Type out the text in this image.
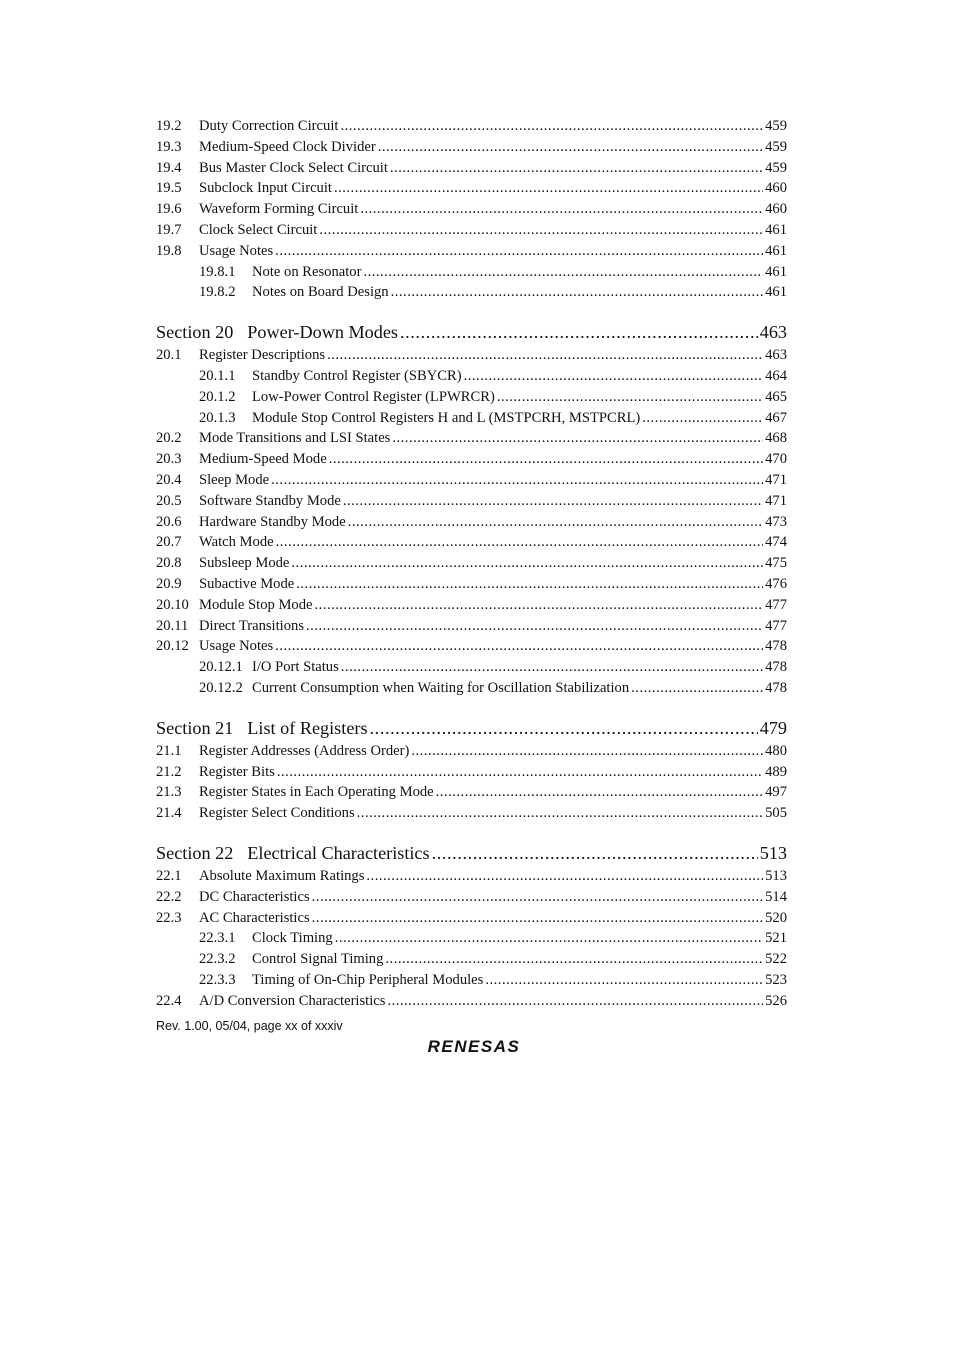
19.2	Duty Correction Circuit .....	459
19.3	Medium-Speed Clock Divider .....	459
19.4	Bus Master Clock Select Circuit .....	459
19.5	Subclock Input Circuit .....	460
19.6	Waveform Forming Circuit .....	460
19.7	Clock Select Circuit .....	461
19.8	Usage Notes .....	461
19.8.1	Note on Resonator .....	461
19.8.2	Notes on Board Design .....	461
Section 20 Power-Down Modes .....	463
20.1	Register Descriptions .....	463
20.1.1	Standby Control Register (SBYCR) .....	464
20.1.2	Low-Power Control Register (LPWRCR) .....	465
20.1.3	Module Stop Control Registers H and L (MSTPCRH, MSTPCRL) .....	467
20.2	Mode Transitions and LSI States .....	468
20.3	Medium-Speed Mode .....	470
20.4	Sleep Mode .....	471
20.5	Software Standby Mode .....	471
20.6	Hardware Standby Mode .....	473
20.7	Watch Mode .....	474
20.8	Subsleep Mode .....	475
20.9	Subactive Mode .....	476
20.10 Module Stop Mode .....	477
20.11 Direct Transitions .....	477
20.12 Usage Notes .....	478
20.12.1 I/O Port Status .....	478
20.12.2 Current Consumption when Waiting for Oscillation Stabilization .....	478
Section 21 List of Registers .....	479
21.1	Register Addresses (Address Order) .....	480
21.2	Register Bits .....	489
21.3	Register States in Each Operating Mode .....	497
21.4	Register Select Conditions .....	505
Section 22 Electrical Characteristics .....	513
22.1	Absolute Maximum Ratings .....	513
22.2	DC Characteristics .....	514
22.3	AC Characteristics .....	520
22.3.1	Clock Timing .....	521
22.3.2	Control Signal Timing .....	522
22.3.3	Timing of On-Chip Peripheral Modules .....	523
22.4	A/D Conversion Characteristics .....	526
Rev. 1.00, 05/04, page xx of xxxiv
RENESAS
